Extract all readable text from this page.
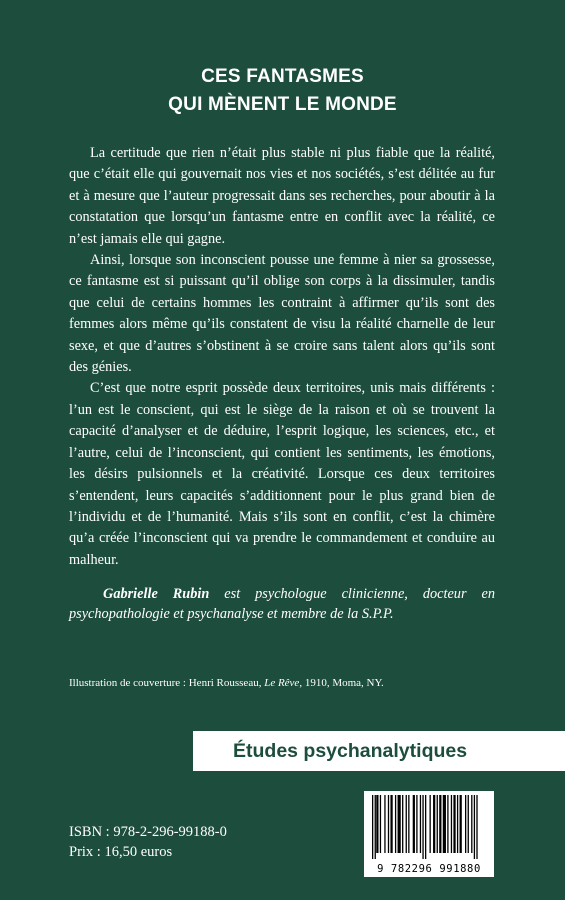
CES FANTASMES
QUI MÈNENT LE MONDE

La certitude que rien n’était plus stable ni plus fiable que la réalité, que c’était elle qui gouvernait nos vies et nos sociétés, s’est délitée au fur et à mesure que l’auteur progressait dans ses recherches, pour aboutir à la constatation que lorsqu’un fantasme entre en conflit avec la réalité, ce n’est jamais elle qui gagne.

Ainsi, lorsque son inconscient pousse une femme à nier sa grossesse, ce fantasme est si puissant qu’il oblige son corps à la dissimuler, tandis que celui de certains hommes les contraint à affirmer qu’ils sont des femmes alors même qu’ils constatent de visu la réalité charnelle de leur sexe, et que d’autres s’obstinent à se croire sans talent alors qu’ils sont des génies.

C’est que notre esprit possède deux territoires, unis mais différents : l’un est le conscient, qui est le siège de la raison et où se trouvent la capacité d’analyser et de déduire, l’esprit logique, les sciences, etc., et l’autre, celui de l’inconscient, qui contient les sentiments, les émotions, les désirs pulsionnels et la créativité. Lorsque ces deux territoires s’entendent, leurs capacités s’additionnent pour le plus grand bien de l’individu et de l’humanité. Mais s’ils sont en conflit, c’est la chimère qu’a créée l’inconscient qui va prendre le commandement et conduire au malheur.

Gabrielle Rubin est psychologue clinicienne, docteur en psychopathologie et psychanalyse et membre de la S.P.P.
Illustration de couverture : Henri Rousseau, Le Rêve, 1910, Moma, NY.
Études psychanalytiques
ISBN : 978-2-296-99188-0
Prix : 16,50 euros
9 782296 991880
